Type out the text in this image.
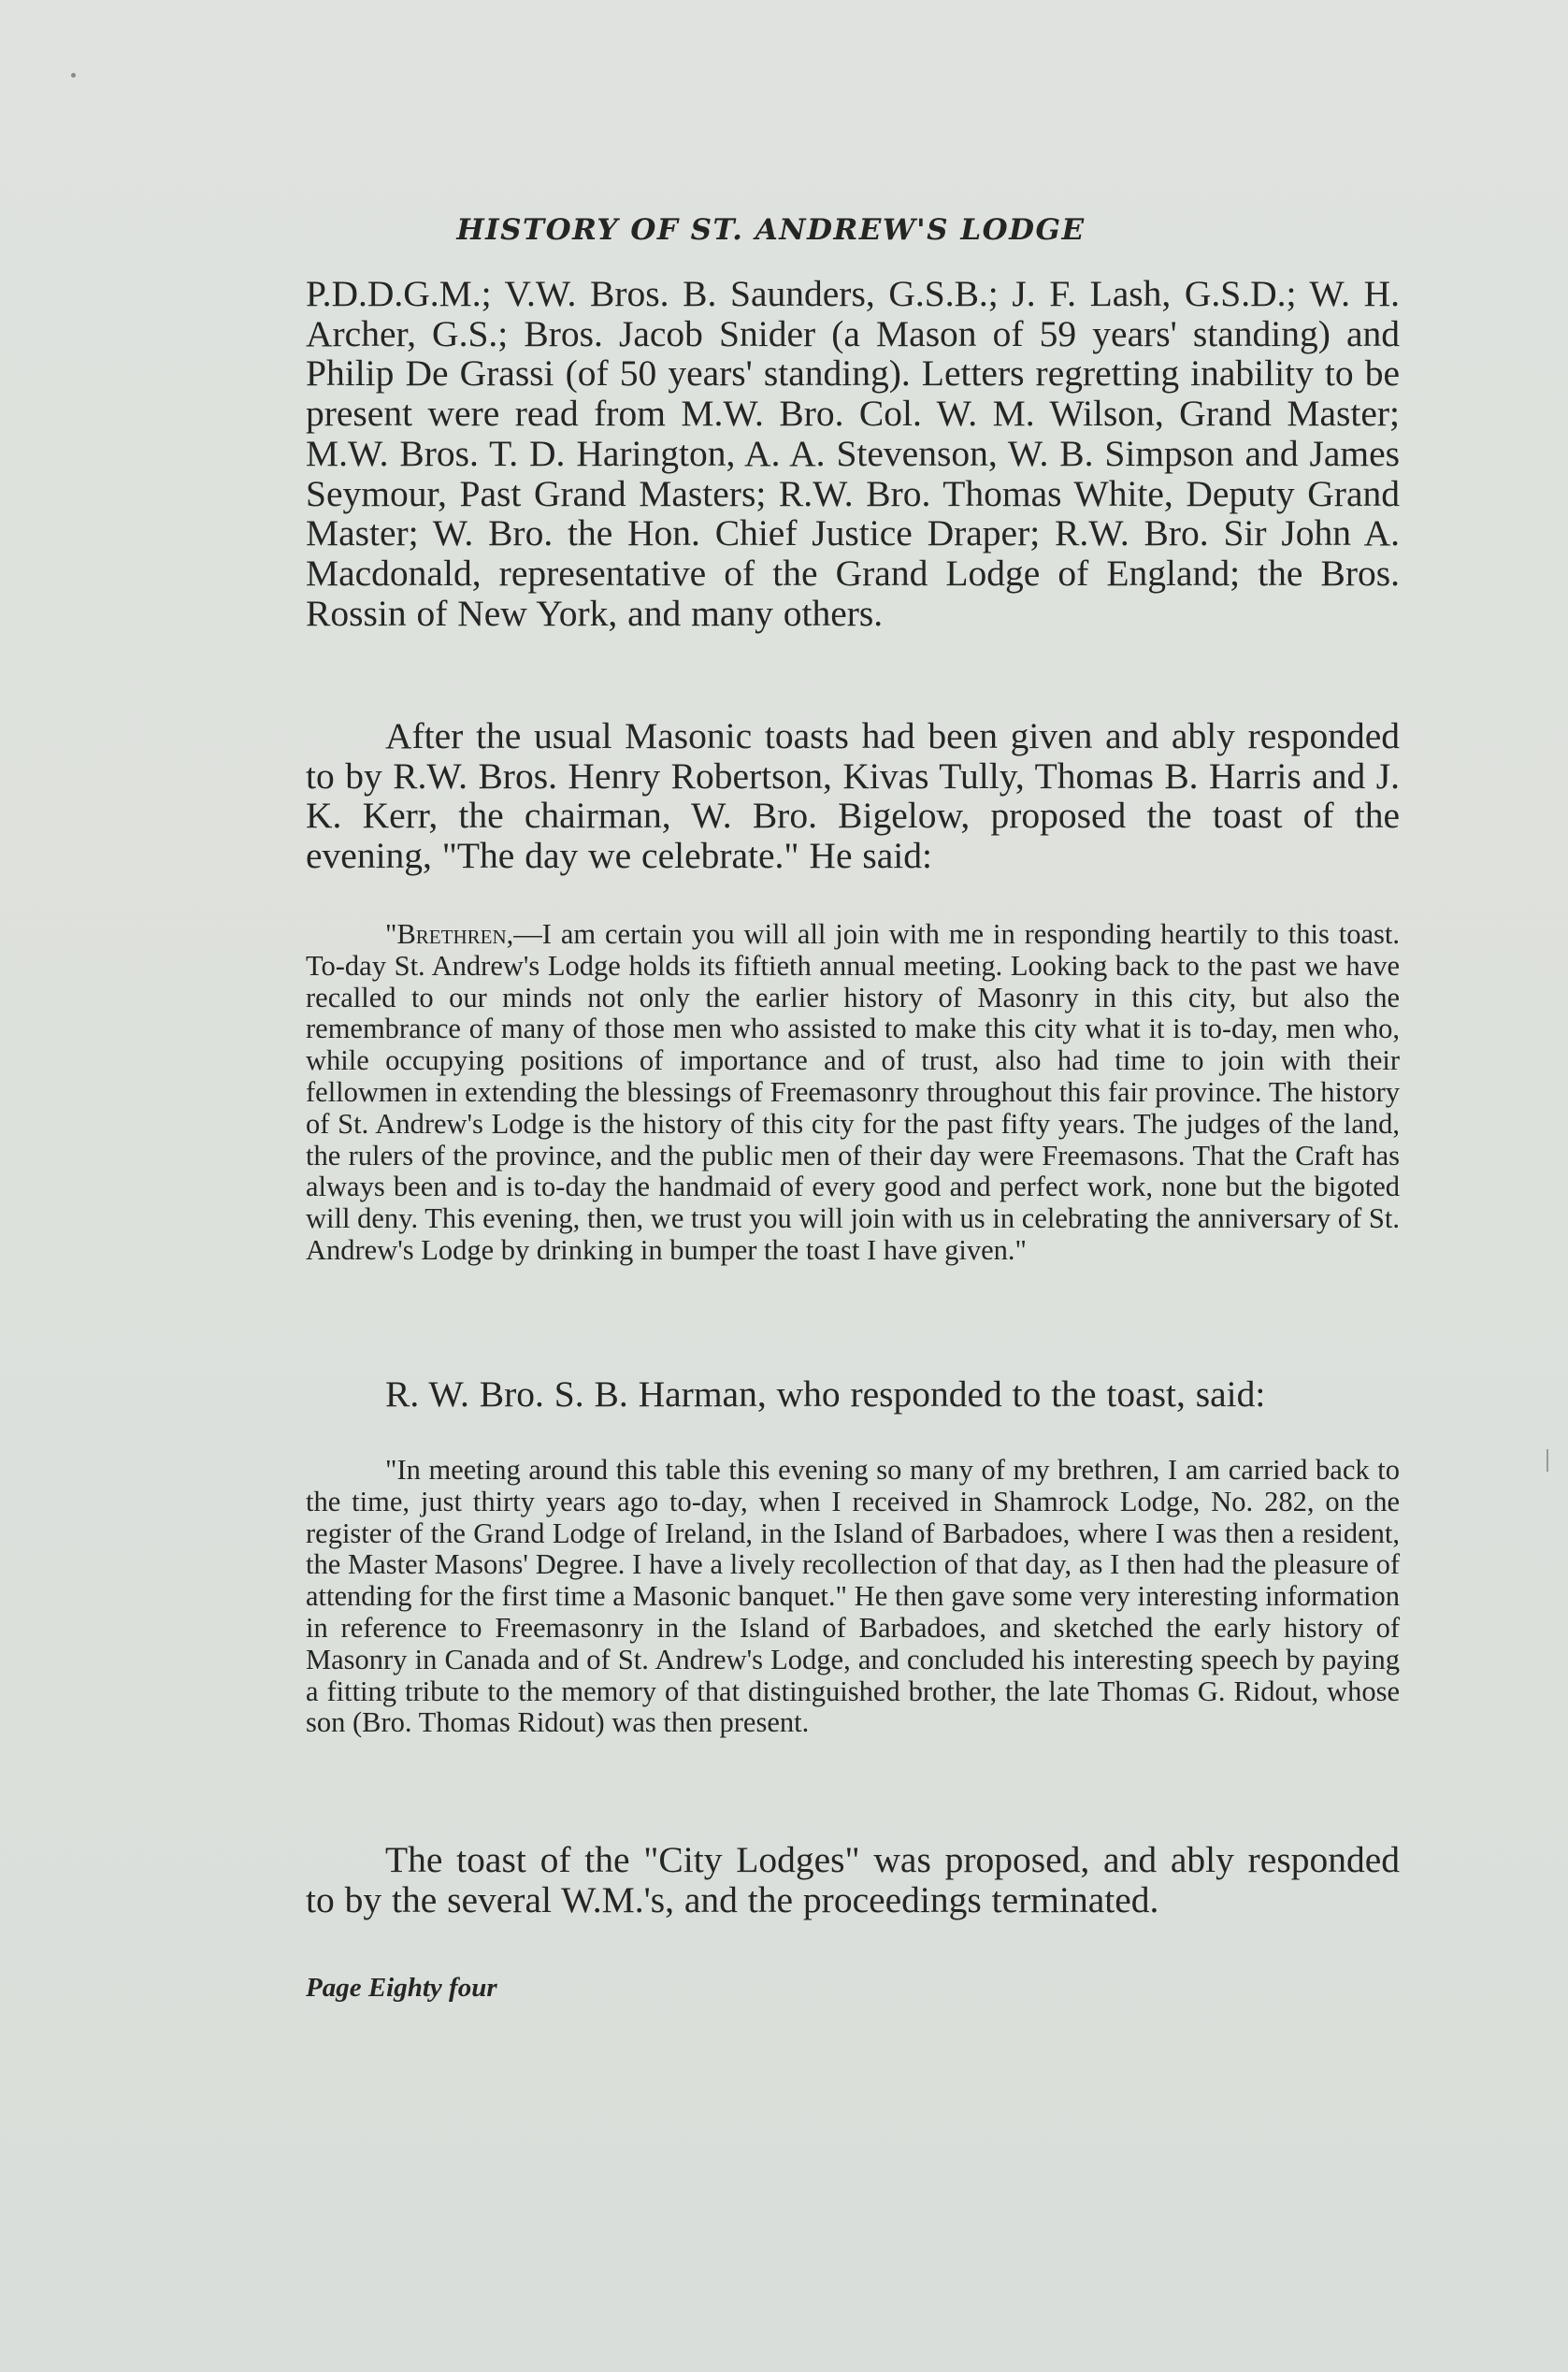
HISTORY OF ST. ANDREW'S LODGE

P.D.D.G.M.; V.W. Bros. B. Saunders, G.S.B.; J. F. Lash, G.S.D.; W. H. Archer, G.S.; Bros. Jacob Snider (a Mason of 59 years' standing) and Philip De Grassi (of 50 years' standing). Letters regretting inability to be present were read from M.W. Bro. Col. W. M. Wilson, Grand Master; M.W. Bros. T. D. Harington, A. A. Stevenson, W. B. Simpson and James Seymour, Past Grand Masters; R.W. Bro. Thomas White, Deputy Grand Master; W. Bro. the Hon. Chief Justice Draper; R.W. Bro. Sir John A. Macdonald, representative of the Grand Lodge of England; the Bros. Rossin of New York, and many others.

After the usual Masonic toasts had been given and ably responded to by R.W. Bros. Henry Robertson, Kivas Tully, Thomas B. Harris and J. K. Kerr, the chairman, W. Bro. Bigelow, proposed the toast of the evening, "The day we celebrate." He said:

"Brethren,—I am certain you will all join with me in responding heartily to this toast. To-day St. Andrew's Lodge holds its fiftieth annual meeting. Looking back to the past we have recalled to our minds not only the earlier history of Masonry in this city, but also the remembrance of many of those men who assisted to make this city what it is to-day, men who, while occupying positions of importance and of trust, also had time to join with their fellowmen in extending the blessings of Freemasonry throughout this fair province. The history of St. Andrew's Lodge is the history of this city for the past fifty years. The judges of the land, the rulers of the province, and the public men of their day were Freemasons. That the Craft has always been and is to-day the handmaid of every good and perfect work, none but the bigoted will deny. This evening, then, we trust you will join with us in celebrating the anniversary of St. Andrew's Lodge by drinking in bumper the toast I have given."

R. W. Bro. S. B. Harman, who responded to the toast, said:

"In meeting around this table this evening so many of my brethren, I am carried back to the time, just thirty years ago to-day, when I received in Shamrock Lodge, No. 282, on the register of the Grand Lodge of Ireland, in the Island of Barbadoes, where I was then a resident, the Master Masons' Degree. I have a lively recollection of that day, as I then had the pleasure of attending for the first time a Masonic banquet." He then gave some very interesting information in reference to Freemasonry in the Island of Barbadoes, and sketched the early history of Masonry in Canada and of St. Andrew's Lodge, and concluded his interesting speech by paying a fitting tribute to the memory of that distinguished brother, the late Thomas G. Ridout, whose son (Bro. Thomas Ridout) was then present.

The toast of the "City Lodges" was proposed, and ably responded to by the several W.M.'s, and the proceedings terminated.

Page Eighty four
